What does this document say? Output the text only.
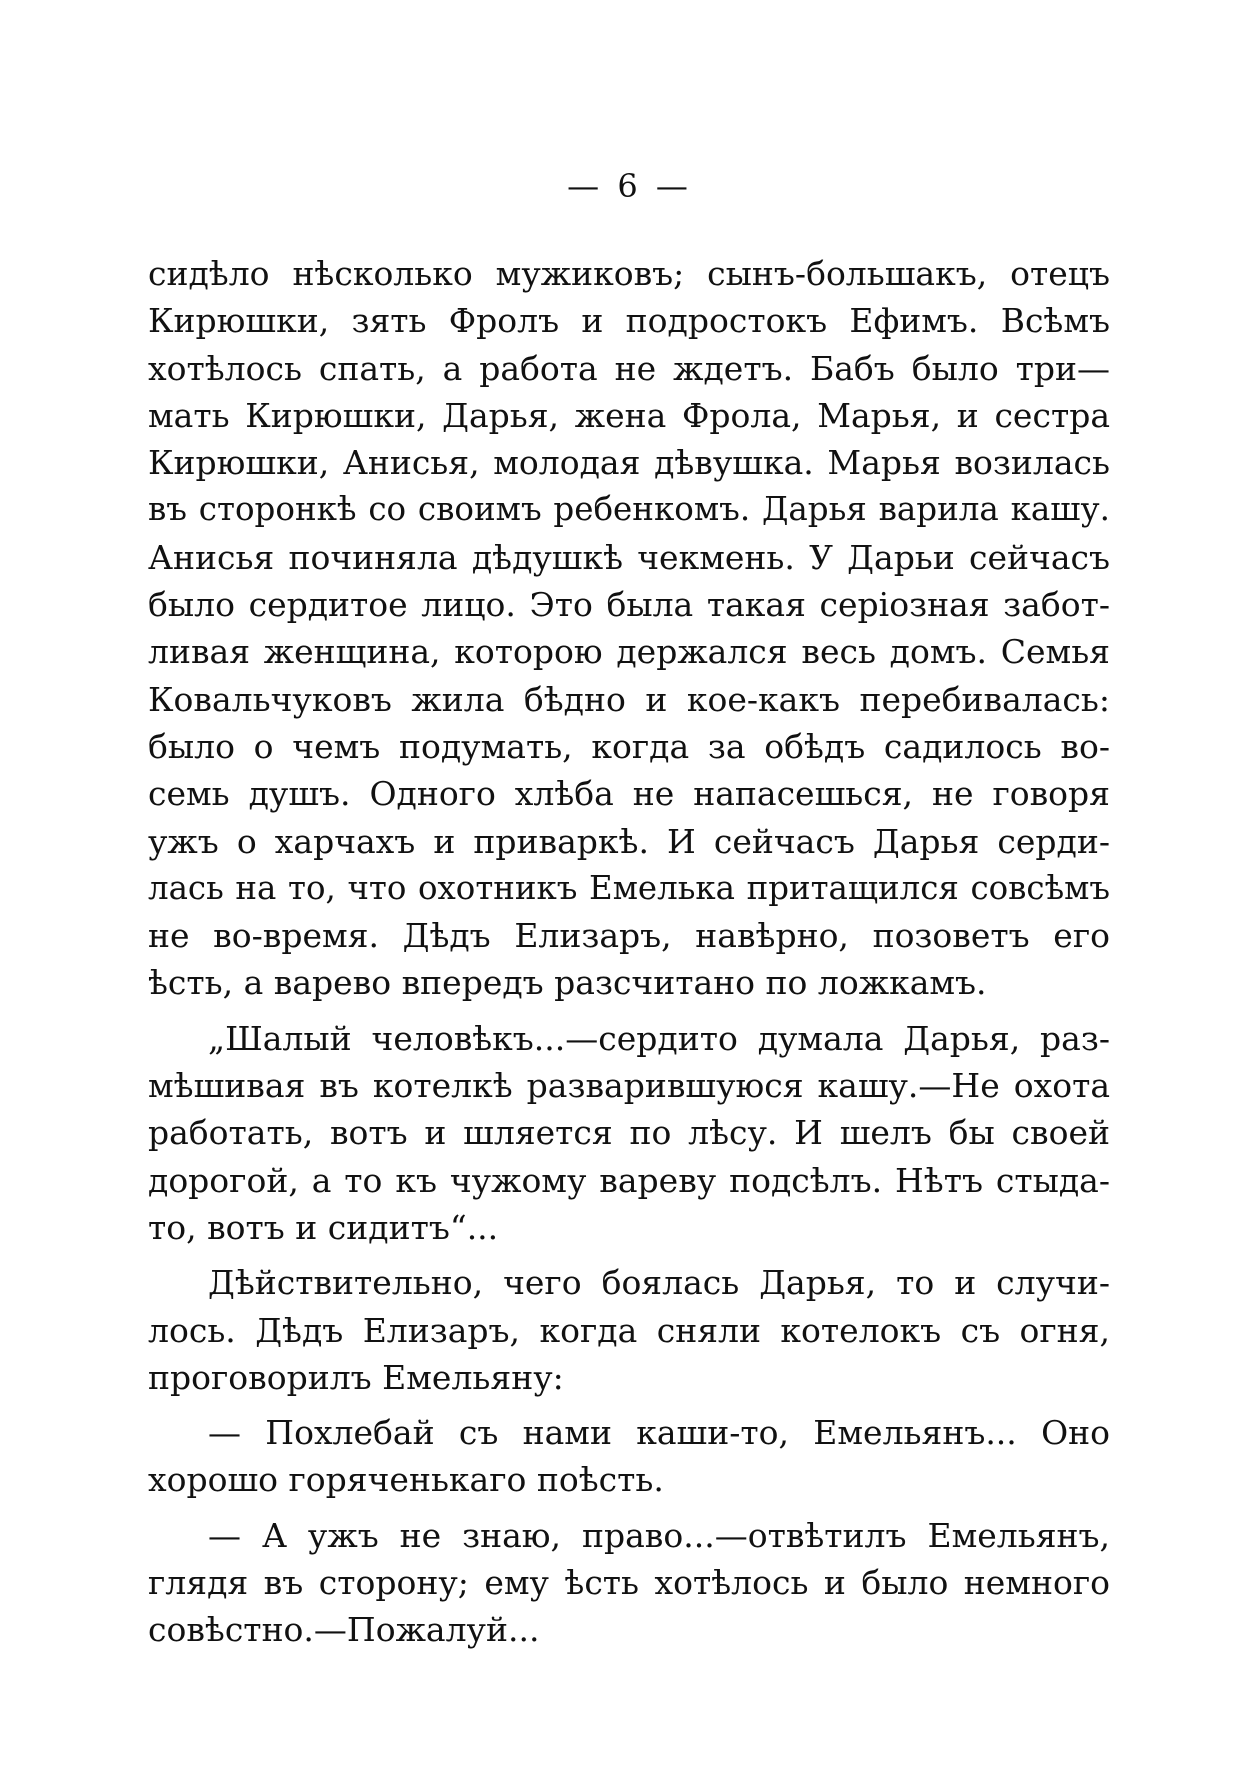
— 6 —
сидѣло нѣсколько мужиковъ; сынъ-большакъ, отецъ
Кирюшки, зять Фролъ и подростокъ Ефимъ. Всѣмъ
хотѣлось спать, а работа не ждетъ. Бабъ было три—
мать Кирюшки, Дарья, жена Фрола, Марья, и сестра
Кирюшки, Анисья, молодая дѣвушка. Марья возилась
въ сторонкѣ со своимъ ребенкомъ. Дарья варила кашу.
Анисья починяла дѣдушкѣ чекмень. У Дарьи сейчасъ
было сердитое лицо. Это была такая серіозная забот-
ливая женщина, которою держался весь домъ. Семья
Ковальчуковъ жила бѣдно и кое-какъ перебивалась:
было о чемъ подумать, когда за обѣдъ садилось во-
семь душъ. Одного хлѣба не напасешься, не говоря
ужъ о харчахъ и приваркѣ. И сейчасъ Дарья серди-
лась на то, что охотникъ Емелька притащился совсѣмъ
не во-время. Дѣдъ Елизаръ, навѣрно, позоветъ его
ѣсть, а варево впередъ разсчитано по ложкамъ.
„Шалый человѣкъ...—сердито думала Дарья, раз-
мѣшивая въ котелкѣ разварившуюся кашу.—Не охота
работать, вотъ и шляется по лѣсу. И шелъ бы своей
дорогой, а то къ чужому вареву подсѣлъ. Нѣтъ стыда-
то, вотъ и сидитъ“...
Дѣйствительно, чего боялась Дарья, то и случи-
лось. Дѣдъ Елизаръ, когда сняли котелокъ съ огня,
проговорилъ Емельяну:
— Похлебай съ нами каши-то, Емельянъ... Оно
хорошо горяченькаго поѣсть.
— А ужъ не знаю, право...—отвѣтилъ Емельянъ,
глядя въ сторону; ему ѣсть хотѣлось и было немного
совѣстно.—Пожалуй...
